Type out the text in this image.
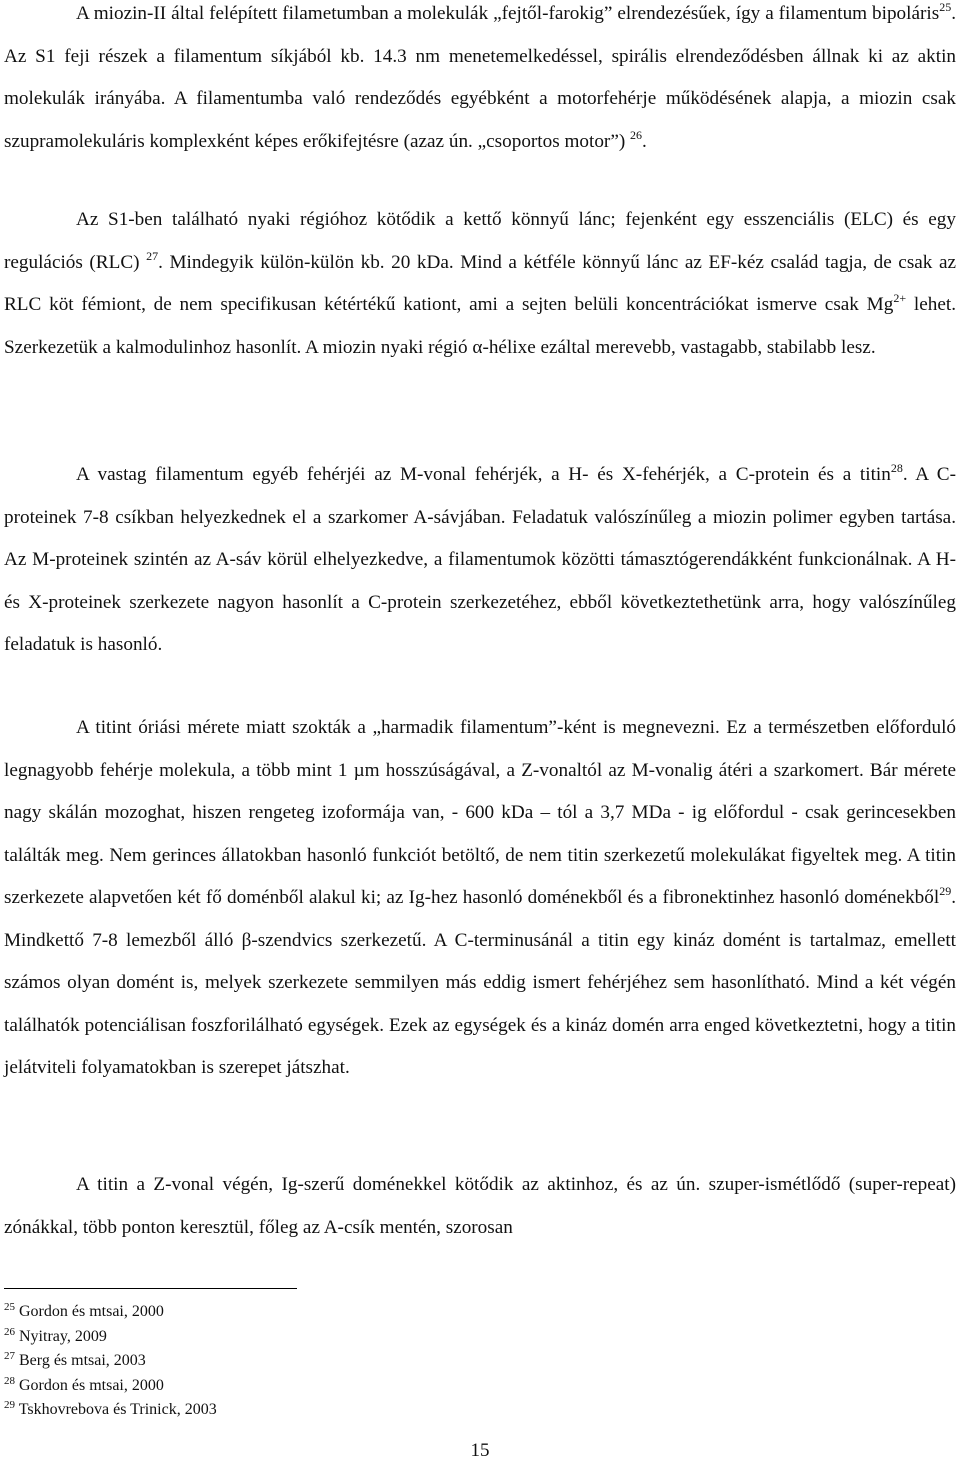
A miozin-II által felépített filametumban a molekulák „fejtől-farokig” elrendezésűek, így a filamentum bipoláris$^{25}$. Az S1 feji részek a filamentum síkjából kb. 14.3 nm menetemelkedéssel, spirális elrendeződésben állnak ki az aktin molekulák irányába. A filamentumba való rendeződés egyébként a motorfehérje működésének alapja, a miozin csak szupramolekuláris komplexként képes erőkifejtésre (azaz ún. „csoportos motor”) $^{26}$.

Az S1-ben található nyaki régióhoz kötődik a kettő könnyű lánc; fejenként egy esszenciális (ELC) és egy regulációs (RLC) $^{27}$. Mindegyik külön-külön kb. 20 kDa. Mind a kétféle könnyű lánc az EF-kéz család tagja, de csak az RLC köt fémiont, de nem specifikusan kétértékű kationt, ami a sejten belüli koncentrációkat ismerve csak $Mg^{2+}$ lehet. Szerkezetük a kalmodulinhoz hasonlít. A miozin nyaki régió α-hélixe ezáltal merevebb, vastagabb, stabilabb lesz.

A vastag filamentum egyéb fehérjéi az M-vonal fehérjék, a H- és X-fehérjék, a C-protein és a titin$^{28}$. A C-proteinek 7-8 csíkban helyezkednek el a szarkomer A-sávjában. Feladatuk valószínűleg a miozin polimer egyben tartása. Az M-proteinek szintén az A-sáv körül elhelyezkedve, a filamentumok közötti támasztógerendákként funkcionálnak. A H- és X-proteinek szerkezete nagyon hasonlít a C-protein szerkezetéhez, ebből következtethetünk arra, hogy valószínűleg feladatuk is hasonló.

A titint óriási mérete miatt szokták a „harmadik filamentum”-ként is megnevezni. Ez a természetben előforduló legnagyobb fehérje molekula, a több mint 1 µm hosszúságával, a Z-vonaltól az M-vonalig átéri a szarkomert. Bár mérete nagy skálán mozoghat, hiszen rengeteg izoformája van, - 600 kDa – tól a 3,7 MDa - ig előfordul - csak gerincesekben találták meg. Nem gerinces állatokban hasonló funkciót betöltő, de nem titin szerkezetű molekulákat figyeltek meg. A titin szerkezete alapvetően két fő doménből alakul ki; az Ig-hez hasonló doménekből és a fibronektinhez hasonló doménekből$^{29}$. Mindkettő 7-8 lemezből álló β-szendvics szerkezetű. A C-terminusánál a titin egy kináz domént is tartalmaz, emellett számos olyan domént is, melyek szerkezete semmilyen más eddig ismert fehérjéhez sem hasonlítható. Mind a két végén találhatók potenciálisan foszforilálható egységek. Ezek az egységek és a kináz domén arra enged következtetni, hogy a titin jelátviteli folyamatokban is szerepet játszhat.

A titin a Z-vonal végén, Ig-szerű doménekkel kötődik az aktinhoz, és az ún. szuper-ismétlődő (super-repeat) zónákkal, több ponton keresztül, főleg az A-csík mentén, szorosan

$^{25}$ Gordon és mtsai, 2000
$^{26}$ Nyitray, 2009
$^{27}$ Berg és mtsai, 2003
$^{28}$ Gordon és mtsai, 2000
$^{29}$ Tskhovrebova és Trinick, 2003
15
